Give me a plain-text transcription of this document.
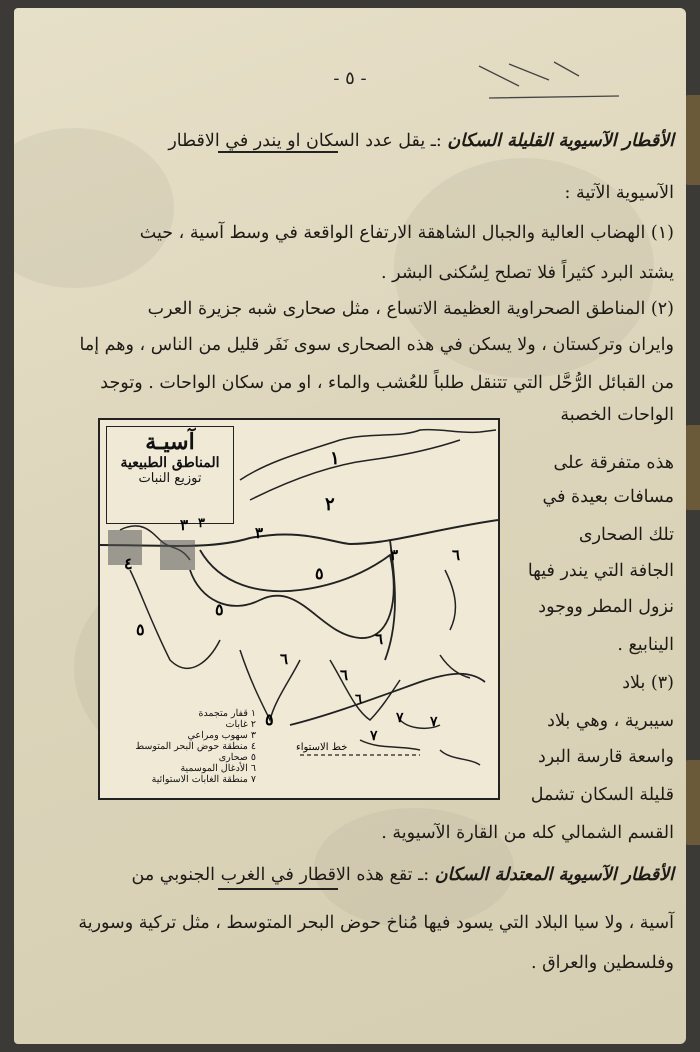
- ٥ -
الأقطار الآسيوية القليلة السكان :ـ يقل عدد السكان او يندر في الاقطار
الآسيوية الآتية :
(١) الهضاب العالية والجبال الشاهقة الارتفاع الواقعة في وسط آسية ، حيث
يشتد البرد كثيراً فلا تصلح لِسُكنى البشر .
(٢) المناطق الصحراوية العظيمة الاتساع ، مثل صحارى شبه جزيرة العرب
وايران وتركستان ، ولا يسكن في هذه الصحارى سوى نَفَر قليل من الناس ، وهم إما
من القبائل الرُّحَّل التي تتنقل طلباً للعُشب والماء ، او من سكان الواحات . وتوجد
الواحات الخصبة
هذه متفرقة على
مسافات بعيدة في
تلك الصحارى
الجافة التي يندر فيها
نزول المطر ووجود
الينابيع .
(٣) بلاد
سيبرية ، وهي بلاد
واسعة قارسة البرد
قليلة السكان تشمل
القسم الشمالي كله من القارة الآسيوية .
الأقطار الآسيوية المعتدلة السكان :ـ تقع هذه الاقطار في الغرب الجنوبي من
آسية ، ولا سيا البلاد التي يسود فيها مُناخ حوض البحر المتوسط ، مثل تركية وسورية
وفلسطين والعراق .
آسيـة
المناطق الطبيعية
توزيع النبات
١
٢
٣	٣
٣
٣
٤
٥
٥
٥
٥
٦
٦
٦
٦
٦
٧
٧
٧
خط الاستواء
١ قفار متجمدة
٢ غابات
٣ سهوب ومراعي
٤ منطقة حوض البحر المتوسط
٥ صحارى
٦ الأدغال الموسمية
٧ منطقة الغابات الاستوائية
